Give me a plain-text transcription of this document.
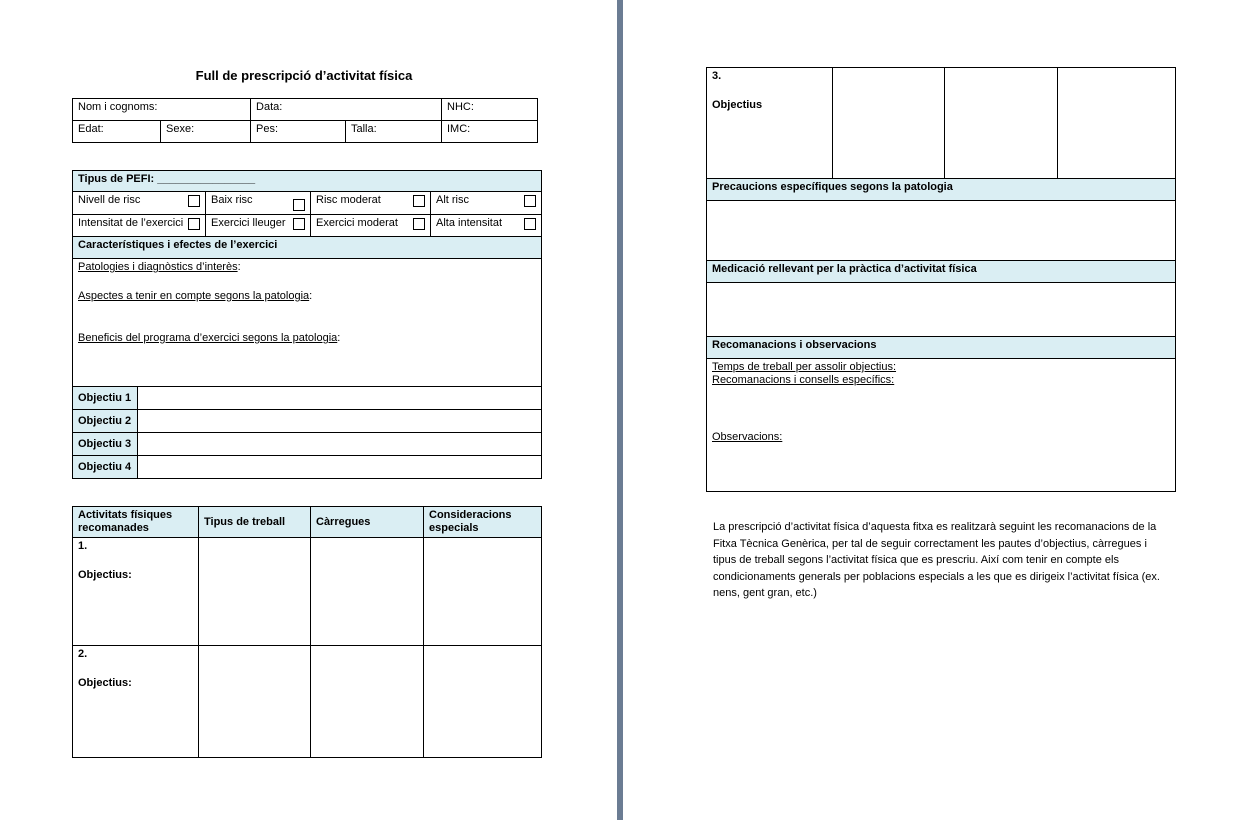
Full de prescripció d’activitat física
Nom i cognoms:	Data:	NHC:
Edat:	Sexe:	Pes:	Talla:	IMC:
Tipus de PEFI: ________________				
Nivell de risc		Baix risc	Risc moderat	Alt risc

Intensitat de l’exercici		Exercici lleuger	Exercici moderat	Alta intensitat

Característiques i efectes de l’exercici				

Patologies i diagnòstics d’interès:
Aspectes a tenir en compte segons la patologia:
Beneficis del programa d’exercici segons la patologia:				

Objectiu 1				
Objectiu 2				
Objectiu 3				
Objectiu 4				
Activitats físiques recomanades	Tipus de treball	Càrregues	Consideracions especials

1.
Objectius:			

2.
Objectius:			

3.
Objectius

Precaucions específiques segons la patologia

Medicació rellevant per la pràctica d’activitat física

Recomanacions i observacions

Temps de treball per assolir objectius:
Recomanacions i consells específics:
Observacions:
La prescripció d’activitat física d’aquesta fitxa es realitzarà seguint les recomanacions de la Fitxa Tècnica Genèrica, per tal de seguir correctament les pautes d’objectius, càrregues i tipus de treball segons l’activitat física que es prescriu. Així com tenir en compte els condicionaments generals per poblacions especials a les que es dirigeix l’activitat física (ex. nens, gent gran, etc.)
